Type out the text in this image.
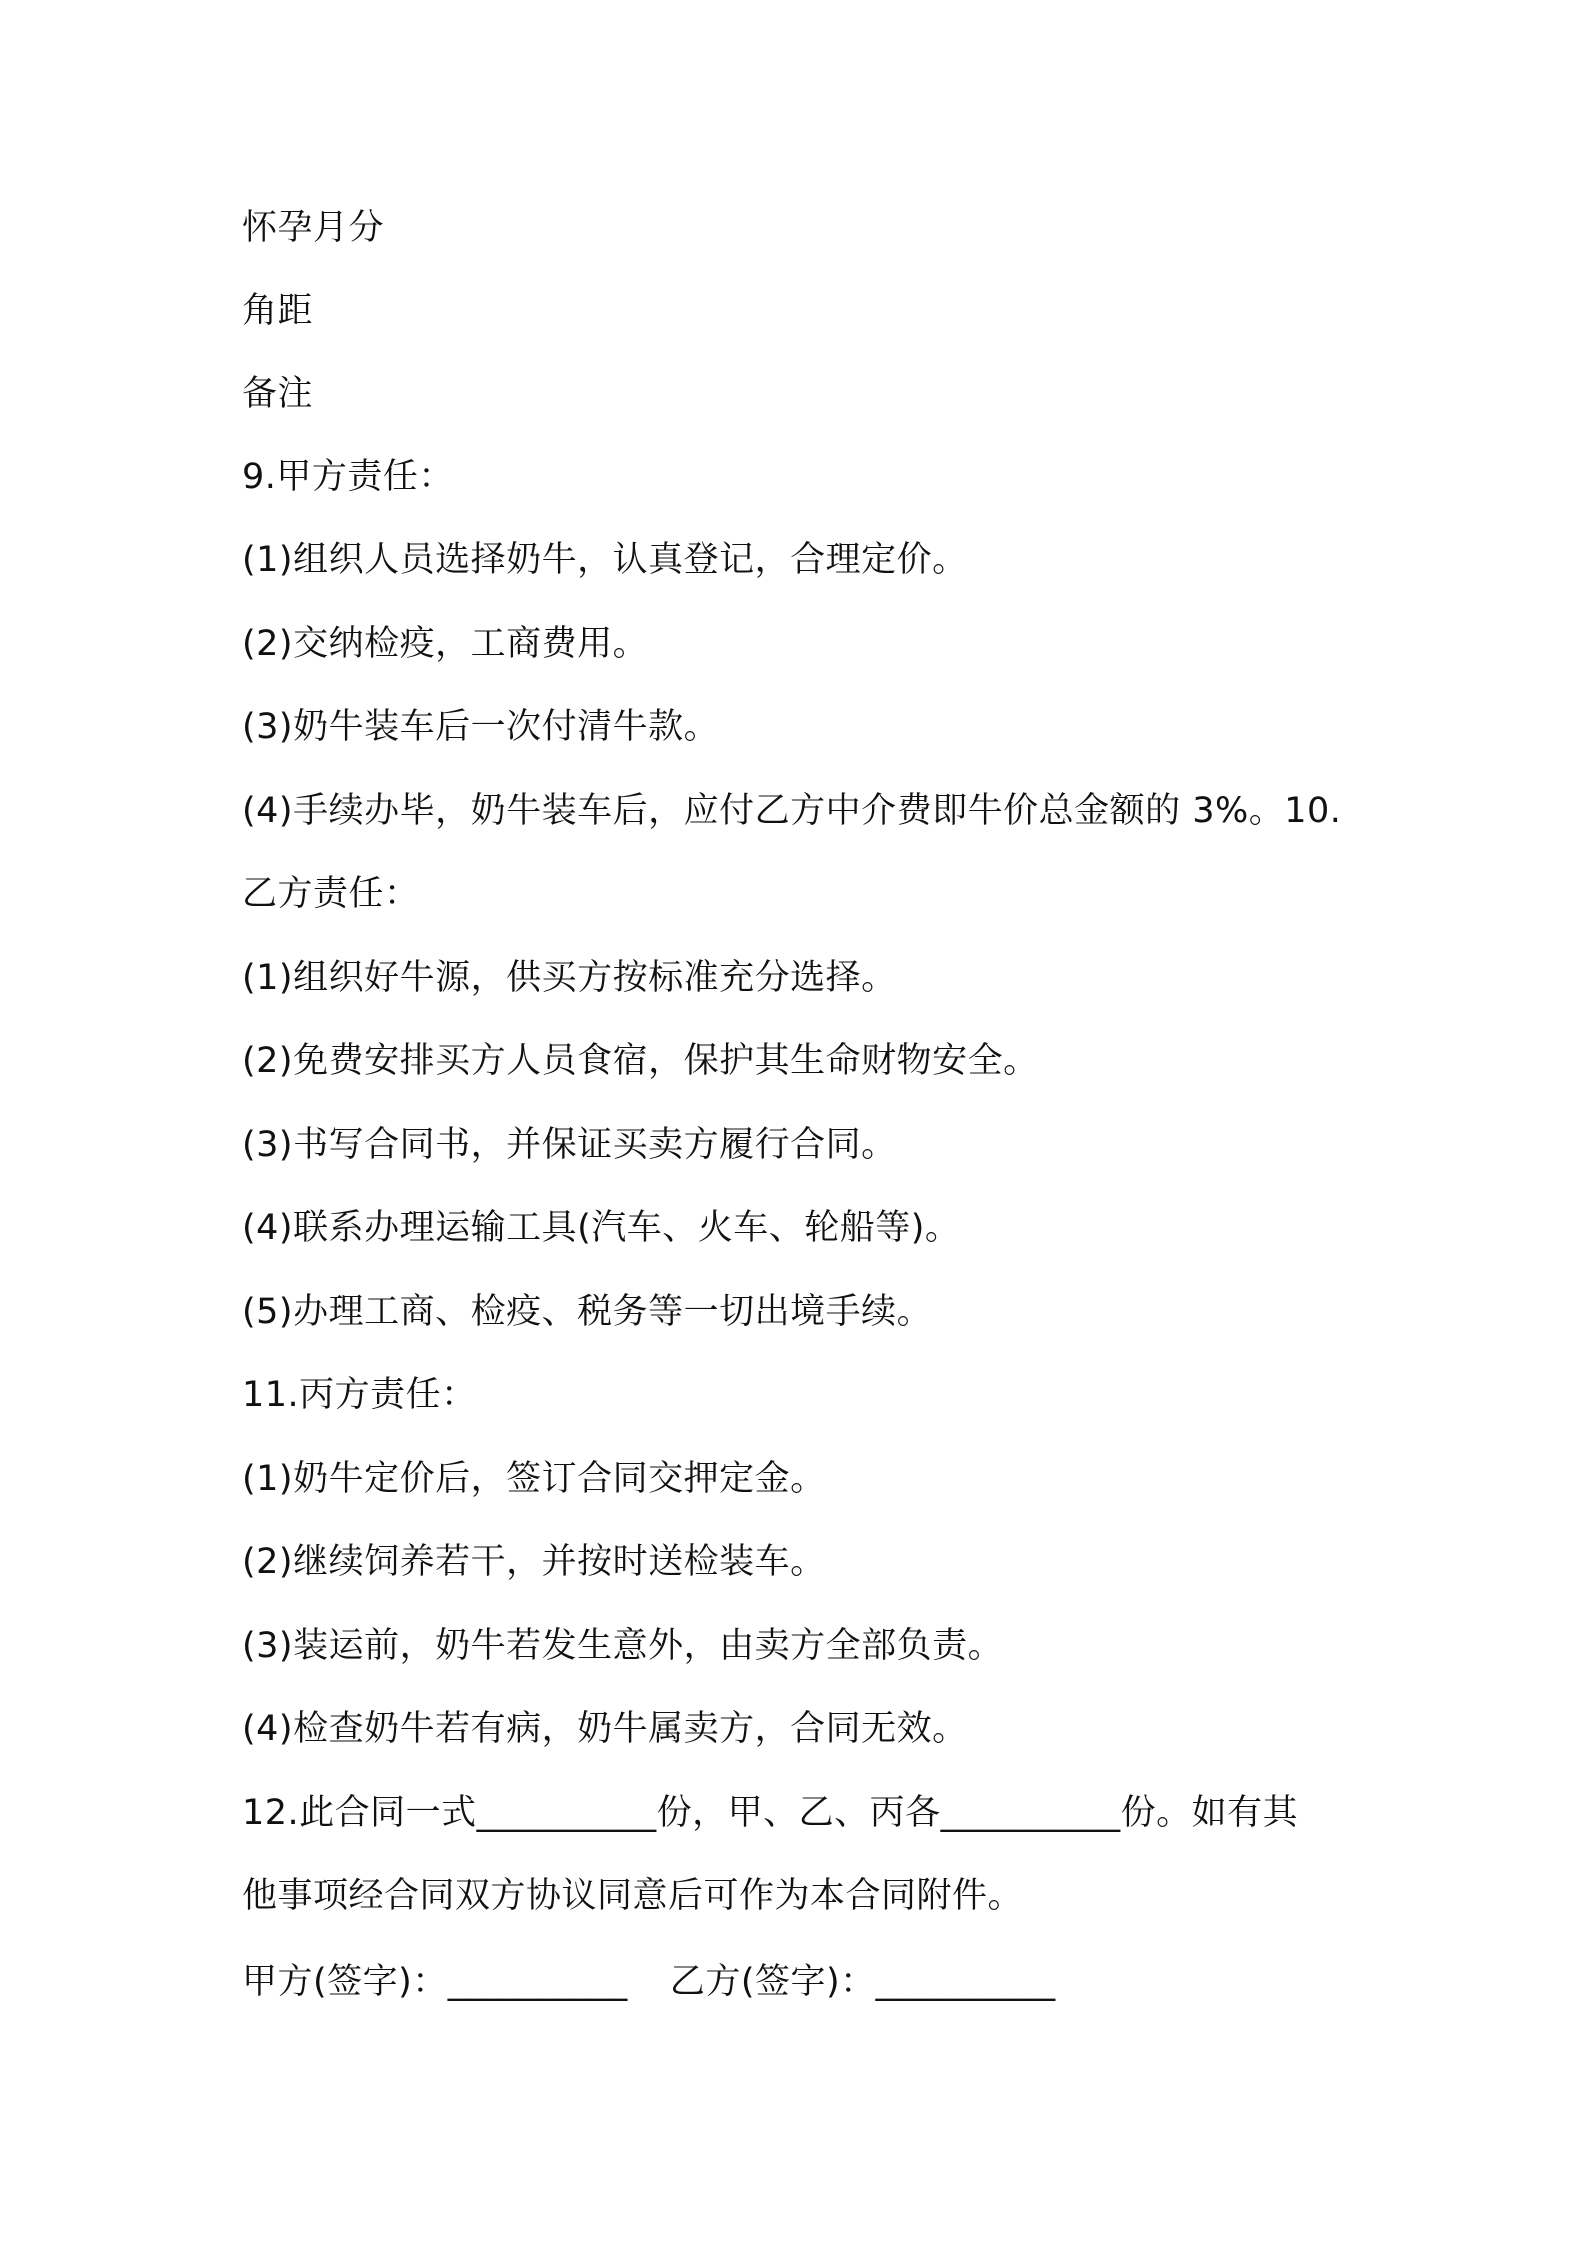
怀孕月分
角距
备注
9.甲方责任：
(1)组织人员选择奶牛，认真登记，合理定价。
(2)交纳检疫，工商费用。
(3)奶牛装车后一次付清牛款。
(4)手续办毕，奶牛装车后，应付乙方中介费即牛价总金额的 3%。10.
乙方责任：
(1)组织好牛源，供买方按标准充分选择。
(2)免费安排买方人员食宿，保护其生命财物安全。
(3)书写合同书，并保证买卖方履行合同。
(4)联系办理运输工具(汽车、火车、轮船等)。
(5)办理工商、检疫、税务等一切出境手续。
11.丙方责任：
(1)奶牛定价后，签订合同交押定金。
(2)继续饲养若干，并按时送检装车。
(3)装运前，奶牛若发生意外，由卖方全部负责。
(4)检查奶牛若有病，奶牛属卖方，合同无效。
12.此合同一式__________份，甲、乙、丙各__________份。如有其
他事项经合同双方协议同意后可作为本合同附件。
甲方(签字)：__________ 乙方(签字)：__________
